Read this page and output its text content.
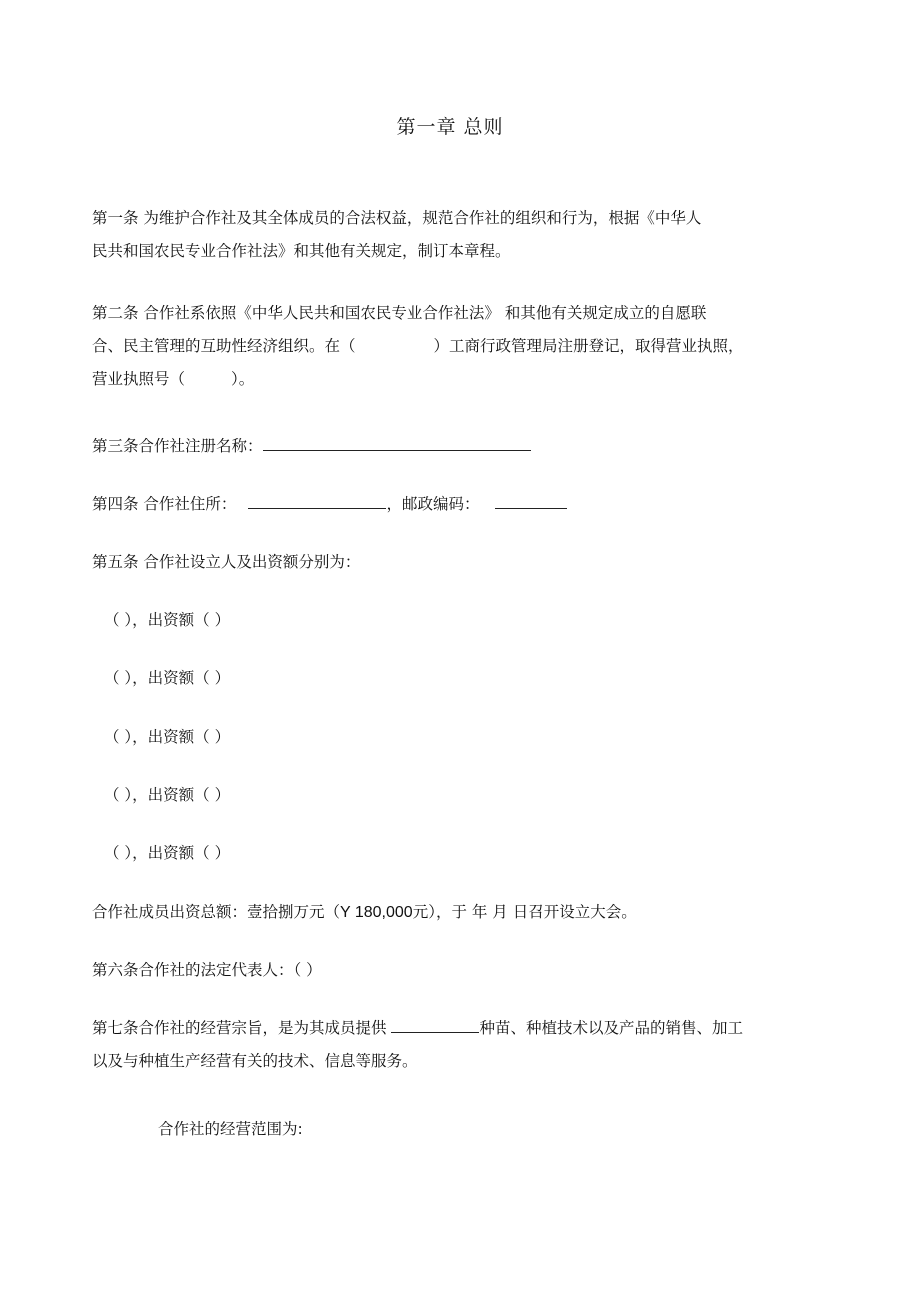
第一章 总则
第一条 为维护合作社及其全体成员的合法权益，规范合作社的组织和行为，根据《中华人
民共和国农民专业合作社法》和其他有关规定，制订本章程。
第二条 合作社系依照《中华人民共和国农民专业合作社法》 和其他有关规定成立的自愿联
合、民主管理的互助性经济组织。在（	）工商行政管理局注册登记，取得营业执照，
营业执照号（	）。
第三条合作社注册名称：
第四条 合作社住所：	，邮政编码：
第五条 合作社设立人及出资额分别为：
（ ），出资额（ ）
（ ），出资额（ ）
（ ），出资额（ ）
（ ），出资额（ ）
（ ），出资额（ ）
合作社成员出资总额：壹拾捌万元（Y 180,000元），于 年 月 日召开设立大会。
第六条合作社的法定代表人：（ ）
第七条合作社的经营宗旨，是为其成员提供	种苗、种植技术以及产品的销售、加工
以及与种植生产经营有关的技术、信息等服务。
合作社的经营范围为:
